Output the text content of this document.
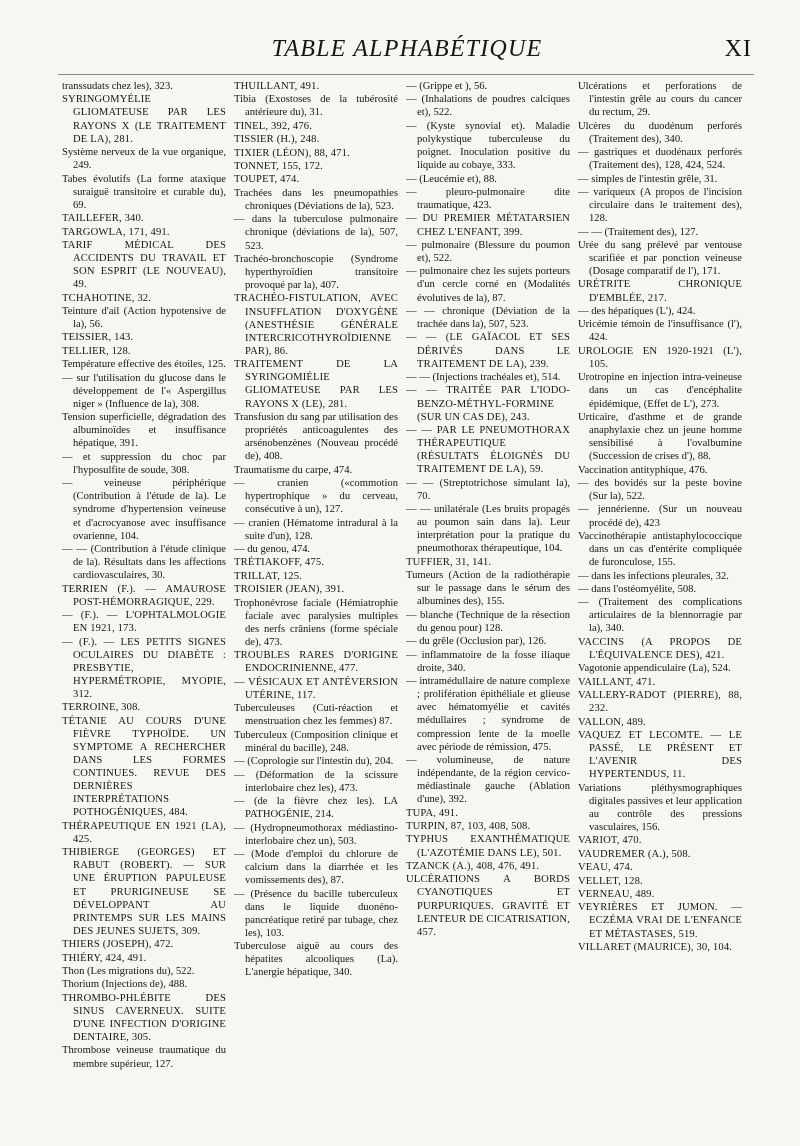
TABLE ALPHABÉTIQUE	XI

transsudats chez les), 323.

SYRINGOMYÉLIE GLIOMATEUSE PAR LES RAYONS X (LE TRAITEMENT DE LA), 281.

Système nerveux de la vue organique, 249.

Tabes évolutifs (La forme ataxique suraiguë transitoire et curable du), 69.

TAILLEFER, 340.

TARGOWLA, 171, 491.

TARIF MÉDICAL DES ACCIDENTS DU TRAVAIL ET SON ESPRIT (LE NOUVEAU), 49.

TCHAHOTINE, 32.

Teinture d'ail (Action hypotensive de la), 56.

TEISSIER, 143.

TELLIER, 128.

Température effective des étoiles, 125.

— sur l'utilisation du glucose dans le développement de l'« Aspergillus niger » (Influence de la), 308.

Tension superficielle, dégradation des albuminoïdes et insuffisance hépatique, 391.

— et suppression du choc par l'hyposulfite de soude, 308.

— veineuse périphérique (Contribution à l'étude de la). Le syndrome d'hypertension veineuse et d'acrocyanose avec insuffisance ovarienne, 104.

— — (Contribution à l'étude clinique de la). Résultats dans les affections cardiovasculaires, 30.

TERRIEN (F.). — AMAUROSE POST-HÉMORRAGIQUE, 229.

— (F.). — L'OPHTALMOLOGIE EN 1921, 173.

— (F.). — LES PETITS SIGNES OCULAIRES DU DIABÈTE : PRESBYTIE, HYPERMÉTROPIE, MYOPIE, 312.

TERROINE, 308.

TÉTANIE AU COURS D'UNE FIÈVRE TYPHOÏDE. UN SYMPTOME A RECHERCHER DANS LES FORMES CONTINUES. REVUE DES DERNIÈRES INTERPRÉTATIONS POTHOGÉNIQUES, 484.

THÉRAPEUTIQUE EN 1921 (LA), 425.

THIBIERGE (GEORGES) ET RABUT (ROBERT). — SUR UNE ÉRUPTION PAPULEUSE ET PRURIGINEUSE SE DÉVELOPPANT AU PRINTEMPS SUR LES MAINS DES JEUNES SUJETS, 309.

THIERS (JOSEPH), 472.

THIÉRY, 424, 491.

Thon (Les migrations du), 522.

Thorium (Injections de), 488.

THROMBO-PHLÉBITE DES SINUS CAVERNEUX. SUITE D'UNE INFECTION D'ORIGINE DENTAIRE, 305.

Thrombose veineuse traumatique du membre supérieur, 127.

THUILLANT, 491.

Tibia (Exostoses de la tubérosité antérieure du), 31.

TINEL, 392, 476.

TISSIER (H.), 248.

TIXIER (LÉON), 88, 471.

TONNET, 155, 172.

TOUPET, 474.

Trachées dans les pneumopathies chroniques (Déviations de la), 523.

— dans la tuberculose pulmonaire chronique (déviations de la), 507, 523.

Trachéo-bronchoscopie (Syndrome hyperthyroïdien transitoire provoqué par la), 407.

TRACHÉO-FISTULATION, AVEC INSUFFLATION D'OXYGÈNE (ANESTHÉSIE GÉNÉRALE INTERCRICOTHYROÏDIENNE PAR), 86.

TRAITEMENT DE LA SYRINGOMIÉLIE GLIOMATEUSE PAR LES RAYONS X (LE), 281.

Transfusion du sang par utilisation des propriétés anticoagulentes des arsénobenzènes (Nouveau procédé de), 408.

Traumatisme du carpe, 474.

— cranien («commotion hypertrophique » du cerveau, consécutive à un), 127.

— cranien (Hématome intradural à la suite d'un), 128.

— du genou, 474.

TRÉTIAKOFF, 475.

TRILLAT, 125.

TROISIER (JEAN), 391.

Trophonévrose faciale (Hémiatrophie faciale avec paralysies multiples des nerfs crâniens (forme spéciale de), 473.

TROUBLES RARES D'ORIGINE ENDOCRINIENNE, 477.

— VÉSICAUX ET ANTÉVERSION UTÉRINE, 117.

Tuberculeuses (Cuti-réaction et menstruation chez les femmes) 87.

Tuberculeux (Composition clinique et minéral du bacille), 248.

— (Coprologie sur l'intestin du), 204.

— (Déformation de la scissure interlobaire chez les), 473.

— (de la fièvre chez les). LA PATHOGÉNIE, 214.

— (Hydropneumothorax médiastino-interlobaire chez un), 503.

— (Mode d'emploi du chlorure de calcium dans la diarrhée et les vomissements des), 87.

— (Présence du bacille tuberculeux dans le liquide duonéno-pancréatique retiré par tubage, chez les), 103.

Tuberculose aiguë au cours des hépatites alcooliques (La). L'anergie hépatique, 340.

— (Grippe et ), 56.

— (Inhalations de poudres calciques et), 522.

— (Kyste synovial et). Maladie polykystique tuberculeuse du poignet. Inoculation positive du liquide au cobaye, 333.

— (Leucémie et), 88.

— pleuro-pulmonaire dite traumatique, 423.

— DU PREMIER MÉTATARSIEN CHEZ L'ENFANT, 399.

— pulmonaire (Blessure du poumon et), 522.

— pulmonaire chez les sujets porteurs d'un cercle corné en (Modalités évolutives de la), 87.

— — chronique (Déviation de la trachée dans la), 507, 523.

— — (LE GAÏACOL ET SES DÉRIVÉS DANS LE TRAITEMENT DE LA), 239.

— — (Injections trachéales et), 514.

— — TRAITÉE PAR L'IODO-BENZO-MÉTHYL-FORMINE (SUR UN CAS DE), 243.

— — PAR LE PNEUMOTHORAX THÉRAPEUTIQUE (RÉSULTATS ÉLOIGNÉS DU TRAITEMENT DE LA), 59.

— — (Streptotrichose simulant la), 70.

— — unilatérale (Les bruits propagés au poumon sain dans la). Leur interprétation pour la pratique du pneumothorax thérapeutique, 104.

TUFFIER, 31, 141.

Tumeurs (Action de la radiothérapie sur le passage dans le sérum des albumines des), 155.

— blanche (Technique de la résection du genou pour) 128.

— du grêle (Occlusion par), 126.

— inflammatoire de la fosse iliaque droite, 340.

— intramédullaire de nature complexe ; prolifération épithéliale et glieuse avec hématomyélie et cavités médullaires ; syndrome de compression lente de la moelle avec période de rémission, 475.

— volumineuse, de nature indépendante, de la région cervico-médiastinale gauche (Ablation d'une), 392.

TUPA, 491.

TURPIN, 87, 103, 408, 508.

TYPHUS EXANTHÉMATIQUE (L'AZOTÉMIE DANS LE), 501.

TZANCK (A.), 408, 476, 491.

ULCÉRATIONS A BORDS CYANOTIQUES ET PURPURIQUES. GRAVITÉ ET LENTEUR DE CICATRISATION, 457.

Ulcérations et perforations de l'intestin grêle au cours du cancer du rectum, 29.

Ulcères du duodénum perforés (Traitement des), 340.

— gastriques et duodénaux perforés (Traitement des), 128, 424, 524.

— simples de l'intestin grêle, 31.

— variqueux (A propos de l'incision circulaire dans le traitement des), 128.

— — (Traitement des), 127.

Urée du sang prélevé par ventouse scarifiée et par ponction veineuse (Dosage comparatif de l'), 171.

URÉTRITE CHRONIQUE D'EMBLÉE, 217.

— des hépatiques (L'), 424.

Uricémie témoin de l'insuffisance (l'), 424.

UROLOGIE EN 1920-1921 (L'), 105.

Urotropine en injection intra-veineuse dans un cas d'encéphalite épidémique, (Effet de L'), 273.

Urticaire, d'asthme et de grande anaphylaxie chez un jeune homme sensibilisé à l'ovalbumine (Succession de crises d'), 88.

Vaccination antityphique, 476.

— des bovidés sur la peste bovine (Sur la), 522.

— jennérienne. (Sur un nouveau procédé de), 423

Vaccinothérapie antistaphylococcique dans un cas d'entérite compliquée de furonculose, 155.

— dans les infections pleurales, 32.

— dans l'ostéomyélite, 508.

— (Traitement des complications articulaires de la blennorragie par la), 340.

VACCINS (A PROPOS DE L'ÉQUIVALENCE DES), 421.

Vagotonie appendiculaire (La), 524.

VAILLANT, 471.

VALLERY-RADOT (PIERRE), 88, 232.

VALLON, 489.

VAQUEZ ET LECOMTE. — LE PASSÉ, LE PRÉSENT ET L'AVENIR DES HYPERTENDUS, 11.

Variations pléthysmographiques digitales passives et leur application au contrôle des pressions vasculaires, 156.

VARIOT, 470.

VAUDREMER (A.), 508.

VEAU, 474.

VELLET, 128.

VERNEAU, 489.

VEYRIÈRES ET JUMON. — ECZÉMA VRAI DE L'ENFANCE ET MÉTASTASES, 519.

VILLARET (MAURICE), 30, 104.
